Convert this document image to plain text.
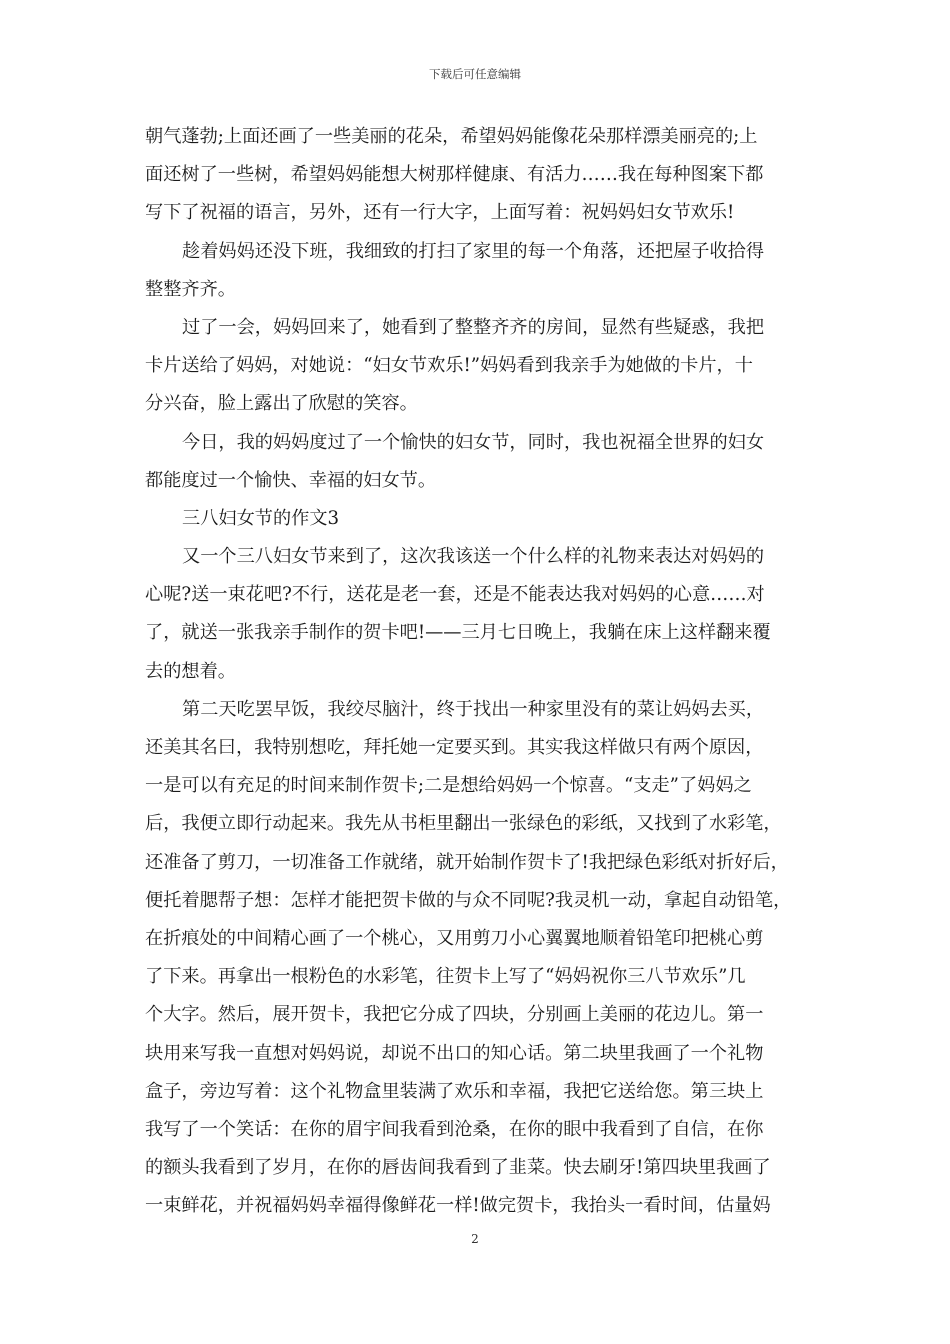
下载后可任意编辑
朝气蓬勃;上面还画了一些美丽的花朵，希望妈妈能像花朵那样漂美丽亮的;上
面还树了一些树，希望妈妈能想大树那样健康、有活力……我在每种图案下都
写下了祝福的语言，另外，还有一行大字，上面写着：祝妈妈妇女节欢乐!
趁着妈妈还没下班，我细致的打扫了家里的每一个角落，还把屋子收拾得
整整齐齐。
过了一会，妈妈回来了，她看到了整整齐齐的房间，显然有些疑惑，我把
卡片送给了妈妈，对她说：“妇女节欢乐!”妈妈看到我亲手为她做的卡片，十
分兴奋，脸上露出了欣慰的笑容。
今日，我的妈妈度过了一个愉快的妇女节，同时，我也祝福全世界的妇女
都能度过一个愉快、幸福的妇女节。
三八妇女节的作文3
又一个三八妇女节来到了，这次我该送一个什么样的礼物来表达对妈妈的
心呢?送一束花吧?不行，送花是老一套，还是不能表达我对妈妈的心意……对
了，就送一张我亲手制作的贺卡吧!——三月七日晚上，我躺在床上这样翻来覆
去的想着。
第二天吃罢早饭，我绞尽脑汁，终于找出一种家里没有的菜让妈妈去买，
还美其名曰，我特别想吃，拜托她一定要买到。其实我这样做只有两个原因，
一是可以有充足的时间来制作贺卡;二是想给妈妈一个惊喜。“支走”了妈妈之
后，我便立即行动起来。我先从书柜里翻出一张绿色的彩纸，又找到了水彩笔，
还准备了剪刀，一切准备工作就绪，就开始制作贺卡了!我把绿色彩纸对折好后，
便托着腮帮子想：怎样才能把贺卡做的与众不同呢?我灵机一动，拿起自动铅笔，
在折痕处的中间精心画了一个桃心，又用剪刀小心翼翼地顺着铅笔印把桃心剪
了下来。再拿出一根粉色的水彩笔，往贺卡上写了“妈妈祝你三八节欢乐”几
个大字。然后，展开贺卡，我把它分成了四块，分别画上美丽的花边儿。第一
块用来写我一直想对妈妈说，却说不出口的知心话。第二块里我画了一个礼物
盒子，旁边写着：这个礼物盒里装满了欢乐和幸福，我把它送给您。第三块上
我写了一个笑话：在你的眉宇间我看到沧桑，在你的眼中我看到了自信，在你
的额头我看到了岁月，在你的唇齿间我看到了韭菜。快去刷牙!第四块里我画了
一束鲜花，并祝福妈妈幸福得像鲜花一样!做完贺卡，我抬头一看时间，估量妈
2
